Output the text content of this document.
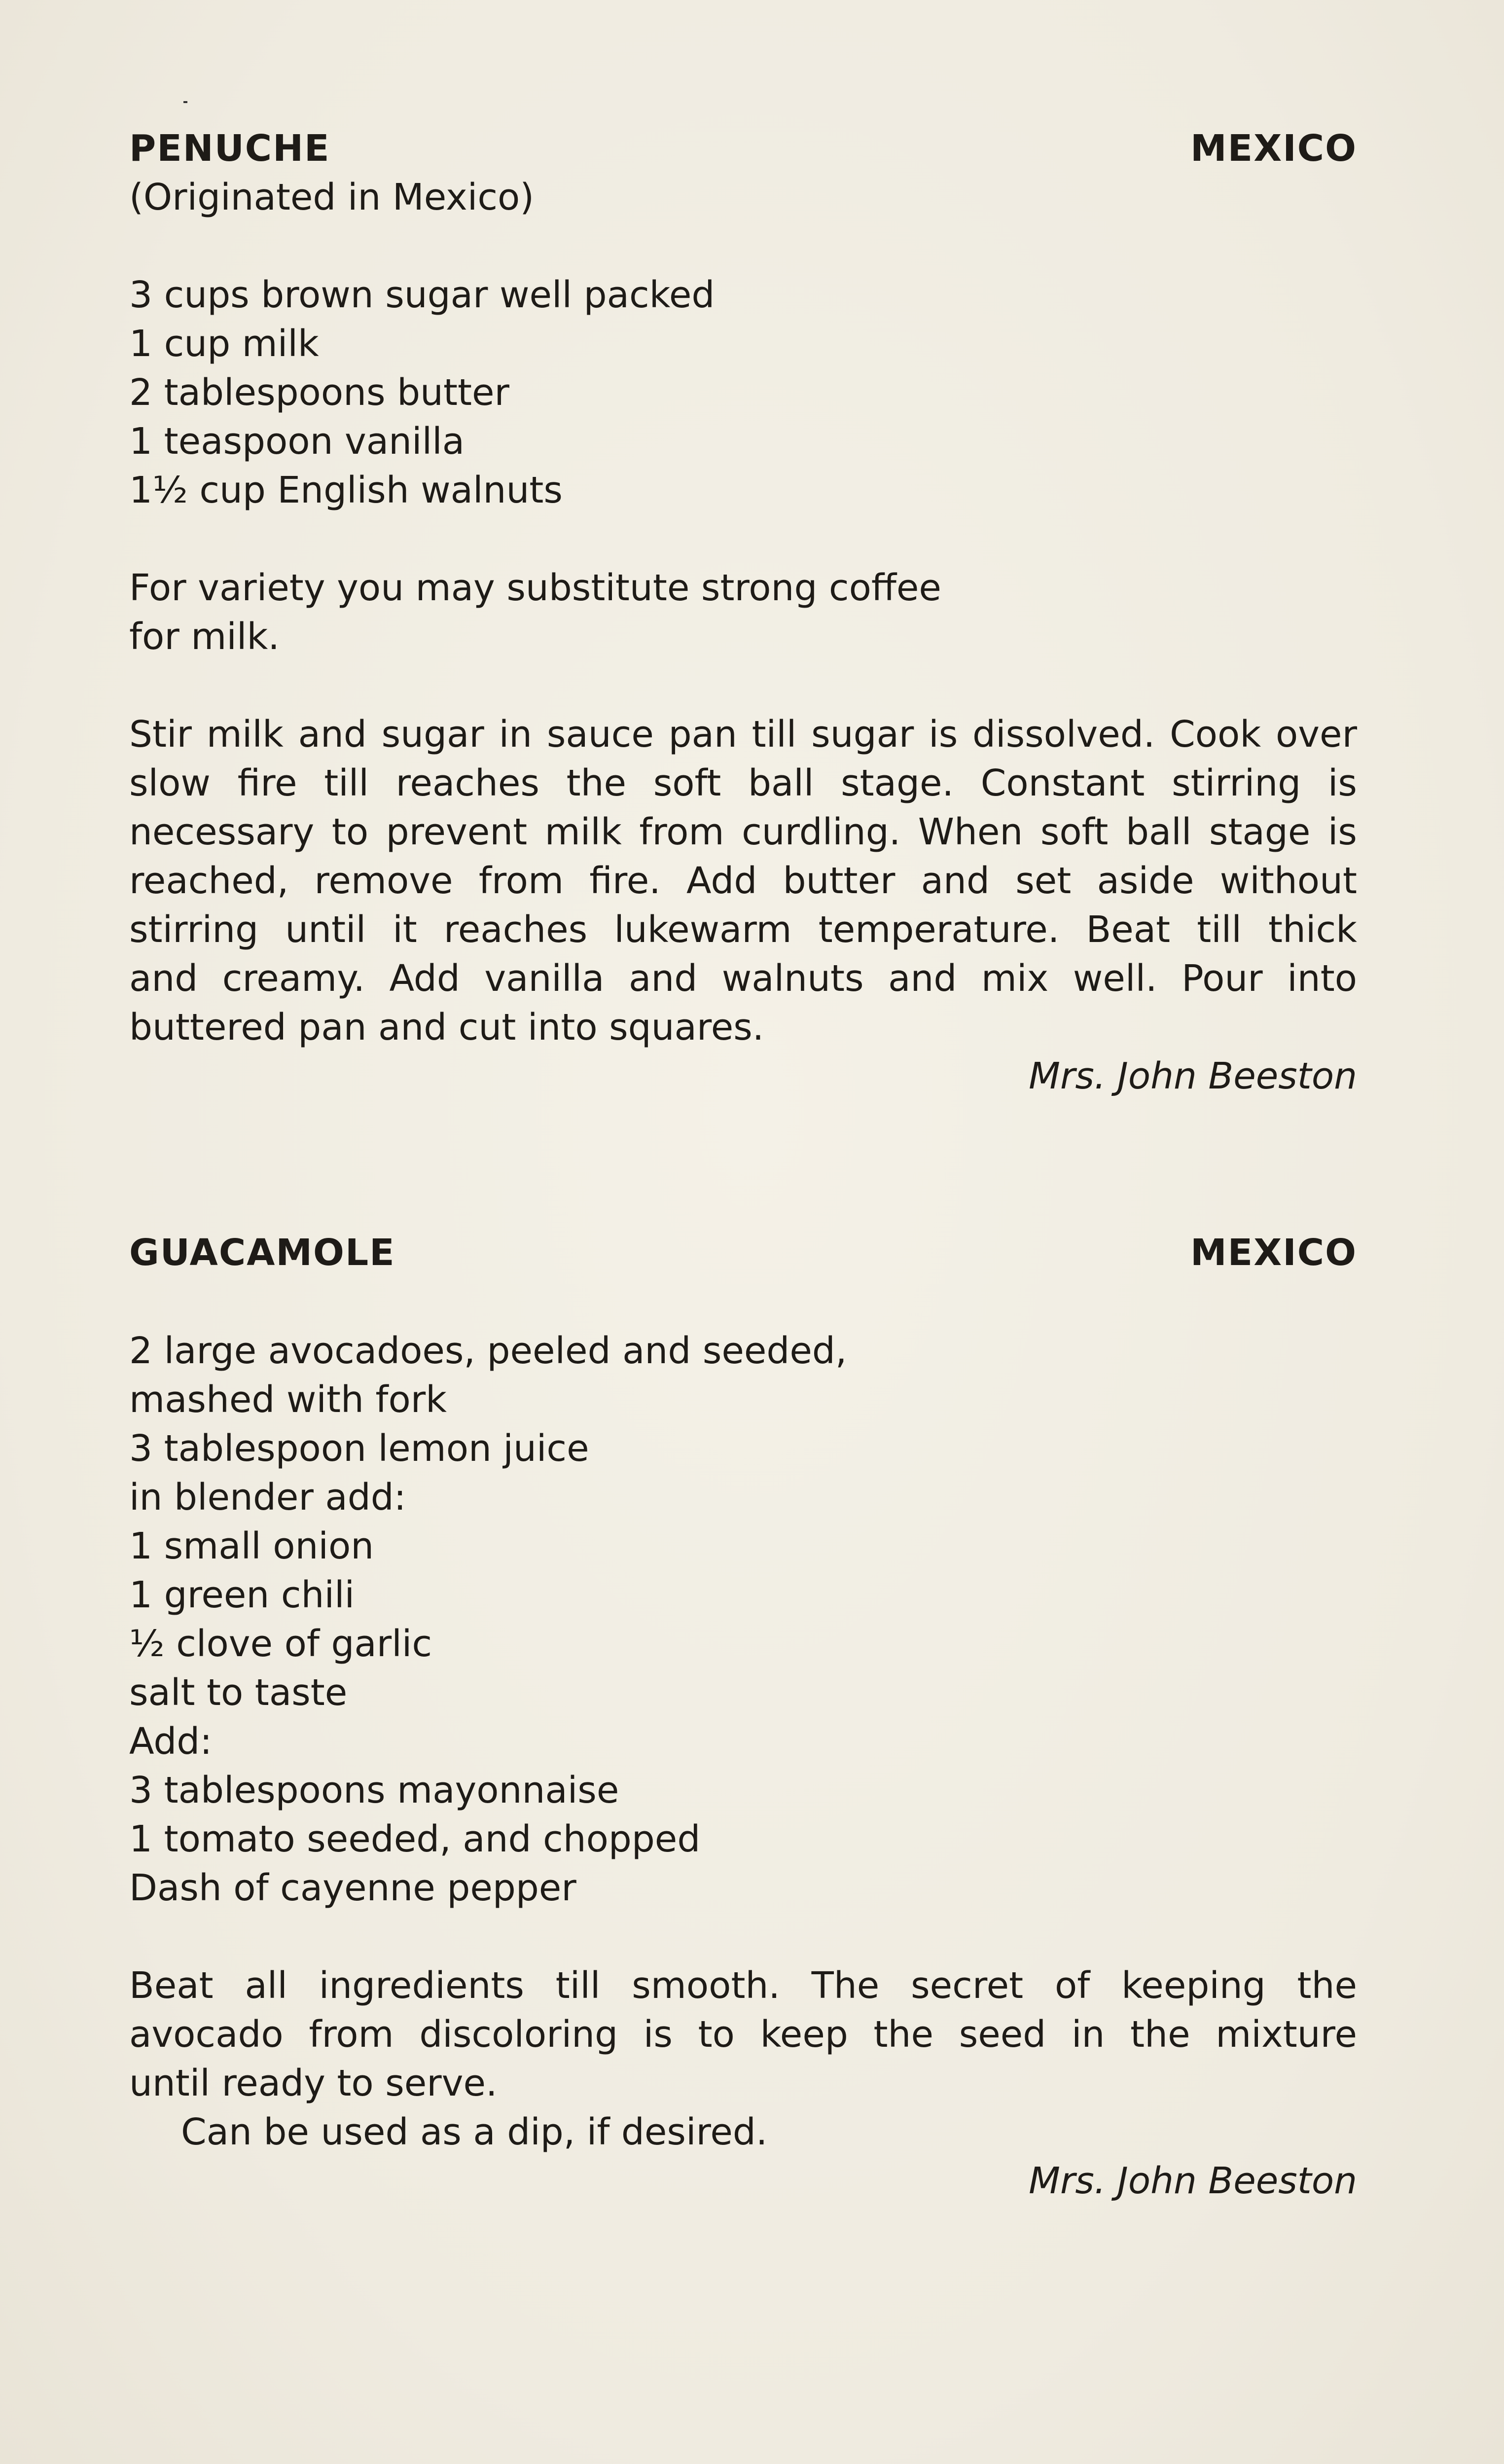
PENUCHE	MEXICO
(Originated in Mexico)
3 cups brown sugar well packed
1 cup milk
2 tablespoons butter
1 teaspoon vanilla
1½ cup English walnuts
For variety you may substitute strong coffee
for milk.
Stir milk and sugar in sauce pan till sugar is dissolved. Cook over
slow fire till reaches the soft ball stage. Constant stirring is
necessary to prevent milk from curdling. When soft ball stage is
reached, remove from fire. Add butter and set aside without
stirring until it reaches lukewarm temperature. Beat till thick
and creamy. Add vanilla and walnuts and mix well. Pour into
buttered pan and cut into squares.
Mrs. John Beeston
GUACAMOLE	MEXICO
2 large avocadoes, peeled and seeded,
mashed with fork
3 tablespoon lemon juice
in blender add:
1 small onion
1 green chili
½ clove of garlic
salt to taste
Add:
3 tablespoons mayonnaise
1 tomato seeded, and chopped
Dash of cayenne pepper
Beat all ingredients till smooth. The secret of keeping the
avocado from discoloring is to keep the seed in the mixture
until ready to serve.
Can be used as a dip, if desired.
Mrs. John Beeston
